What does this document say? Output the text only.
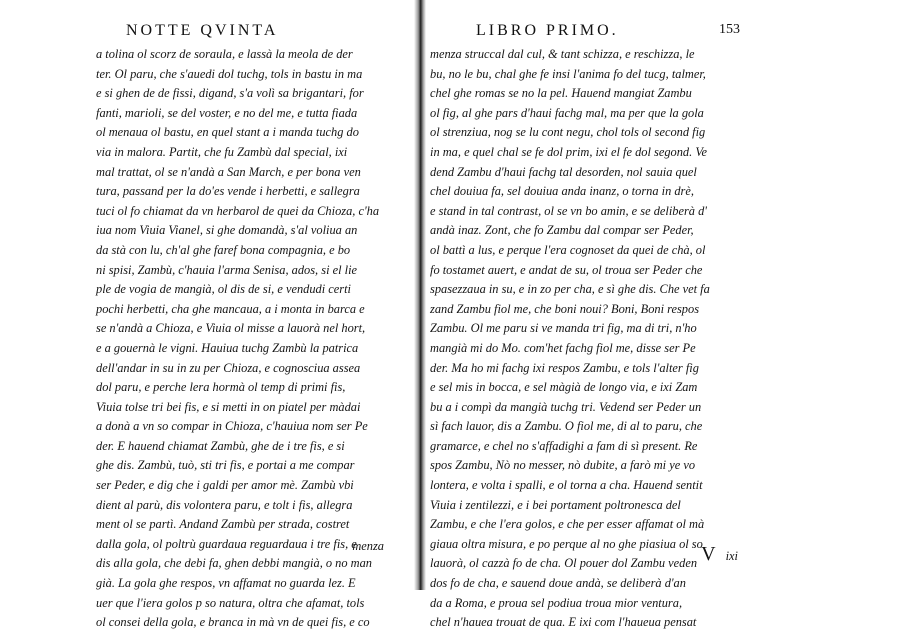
NOTTE QVINTA
a tolina ol scorz de soraula, e lassà la meola de der
ter. Ol paru, che s'auedi dol tuchg, tols in bastu in ma
e si ghen de de fissi, digand, s'a volì sa brigantari, for
fanti, marioli, se del voster, e no del me, e tutta fiada
ol menaua ol bastu, en quel stant a i manda tuchg do
via in malora. Partit, che fu Zambù dal special, ixi
mal trattat, ol se n'andà a San March, e per bona ven
tura, passand per la do'es vende i herbetti, e sallegra
tuci ol fo chiamat da vn herbarol de quei da Chioza, c'ha
iua nom Viuia Vianel, si ghe domandà, s'al voliua an
da stà con lu, ch'al ghe faref bona compagnia, e bo
ni spisi, Zambù, c'hauia l'arma Senisa, ados, si el lie
ple de vogia de mangià, ol dis de si, e vendudi certi
pochi herbetti, cha ghe mancaua, a i monta in barca e
se n'andà a Chioza, e Viuia ol misse a lauorà nel hort,
e a gouernà le vigni. Hauiua tuchg Zambù la patrica
dell'andar in su in zu per Chioza, e cognosciua assea
dol paru, e perche lera hormà ol temp di primi fis,
Viuia tolse tri bei fis, e si metti in on piatel per màdai
a donà a vn so compar in Chioza, c'hauiua nom ser Pe
der. E hauend chiamat Zambù, ghe de i tre fis, e si
ghe dis. Zambù, tuò, sti tri fis, e portai a me compar
ser Peder, e dig che i galdi per amor mè. Zambù vbi
dient al parù, dis volontera paru, e tolt i fis, allegra
ment ol se partì. Andand Zambù per strada, costret
dalla gola, ol poltrù guardaua reguardaua i tre fis, e
dis alla gola, che debi fa, ghen debbi mangià, o no man
già. La gola ghe respos, vn affamat no guarda lez. E
uer que l'iera golos p so natura, oltra che afamat, tols
ol consei della gola, e branca in mà vn de quei fis, e co
menza
LIBRO PRIMO.	153
menza struccal dal cul, & tant schizza, e reschizza, le
bu, no le bu, chal ghe fe insi l'anima fo del tucg, talmer,
chel ghe romas se no la pel. Hauend mangiat Zambu
ol fig, al ghe pars d'haui fachg mal, ma per que la gola
ol strenziua, nog se lu cont negu, chol tols ol second fig
in ma, e quel chal se fe dol prim, ixi el fe dol segond. Ve
dend Zambu d'haui fachg tal desorden, nol sauia quel
chel douiua fa, sel douiua anda inanz, o torna in drè,
e stand in tal contrast, ol se vn bo amin, e se deliberà d'
andà inaz. Zont, che fo Zambu dal compar ser Peder,
ol battì a lus, e perque l'era cognoset da quei de chà, ol
fo tostamet auert, e andat de su, ol troua ser Peder che
spasezzaua in su, e in zo per cha, e sì ghe dis. Che vet fa
zand Zambu fiol me, che boni noui? Boni, Boni respos
Zambu. Ol me paru si ve manda tri fig, ma di tri, n'ho
mangià mi do Mo. com'het fachg fiol me, disse ser Pe
der. Ma ho mi fachg ixi respos Zambu, e tols l'alter fig
e sel mis in bocca, e sel màgià de longo via, e ixi Zam
bu a i compì da mangià tuchg tri. Vedend ser Peder un
sì fach lauor, dis a Zambu. O fiol me, di al to paru, che
gramarce, e chel no s'affadighi a fam di sì present. Re
spos Zambu, Nò no messer, nò dubite, a farò mi ye vo
lontera, e volta i spalli, e ol torna a cha. Hauend sentit
Viuia i zentilezzi, e i bei portament poltronesca del
Zambu, e che l'era golos, e che per esser affamat ol mà
giaua oltra misura, e po perque al no ghe piasiua ol so
lauorà, ol cazzà fo de cha. Ol pouer dol Zambu veden
dos fo de cha, e sauend doue andà, se deliberà d'an
da a Roma, e proua sel podiua troua mior ventura,
chel n'hauea trouat de qua. E ixi com l'haueua pensat
Vixi
